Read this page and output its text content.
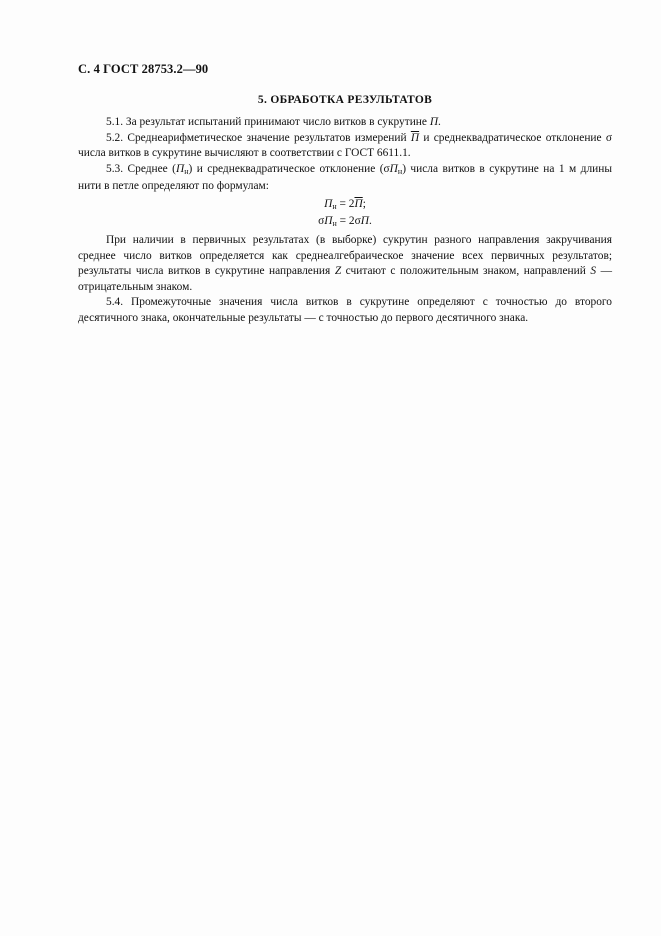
С. 4 ГОСТ 28753.2—90
5. ОБРАБОТКА РЕЗУЛЬТАТОВ

5.1. За результат испытаний принимают число витков в сукрутине П.

5.2. Среднеарифметическое значение результатов измерений П и среднеквадратическое отклонение σ числа витков в сукрутине вычисляют в соответствии с ГОСТ 6611.1.

5.3. Среднее $(П_н)$ и среднеквадратическое отклонение $(\sigma П_н)$ числа витков в сукрутине на 1 м длины нити в петле определяют по формулам:

$П_н = 2П$;
$\sigma П_н = 2\sigma П$.

При наличии в первичных результатах (в выборке) сукрутин разного направления закручивания среднее число витков определяется как среднеалгебраическое значение всех первичных результатов; результаты числа витков в сукрутине направления Z считают с положительным знаком, направлений S — отрицательным знаком.

5.4. Промежуточные значения числа витков в сукрутине определяют с точностью до второго десятичного знака, окончательные результаты — с точностью до первого десятичного знака.
